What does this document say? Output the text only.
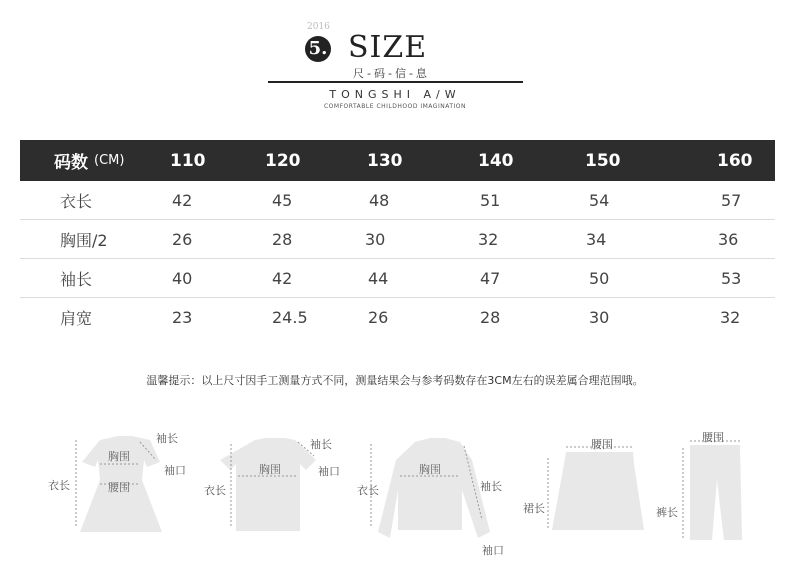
2016
5. SIZE
尺-码-信-息
TONGSHI A/W
COMFORTABLE CHILDHOOD IMAGINATION
码数 (CM)	110	120	130	140	150	160
衣长	42	45	48	51	54	57
胸围/2	26	28	30	32	34	36
袖长	40	42	44	47	50	53
肩宽	23	24.5	26	28	30	32
温馨提示：以上尺寸因手工测量方式不同，测量结果会与参考码数存在3CM左右的误差属合理范围哦。
袖长
胸围
袖口
衣长	腰围
袖长
胸围	袖口
衣长
胸围
衣长	袖长
袖口
腰围
裙长
腰围
裤长
